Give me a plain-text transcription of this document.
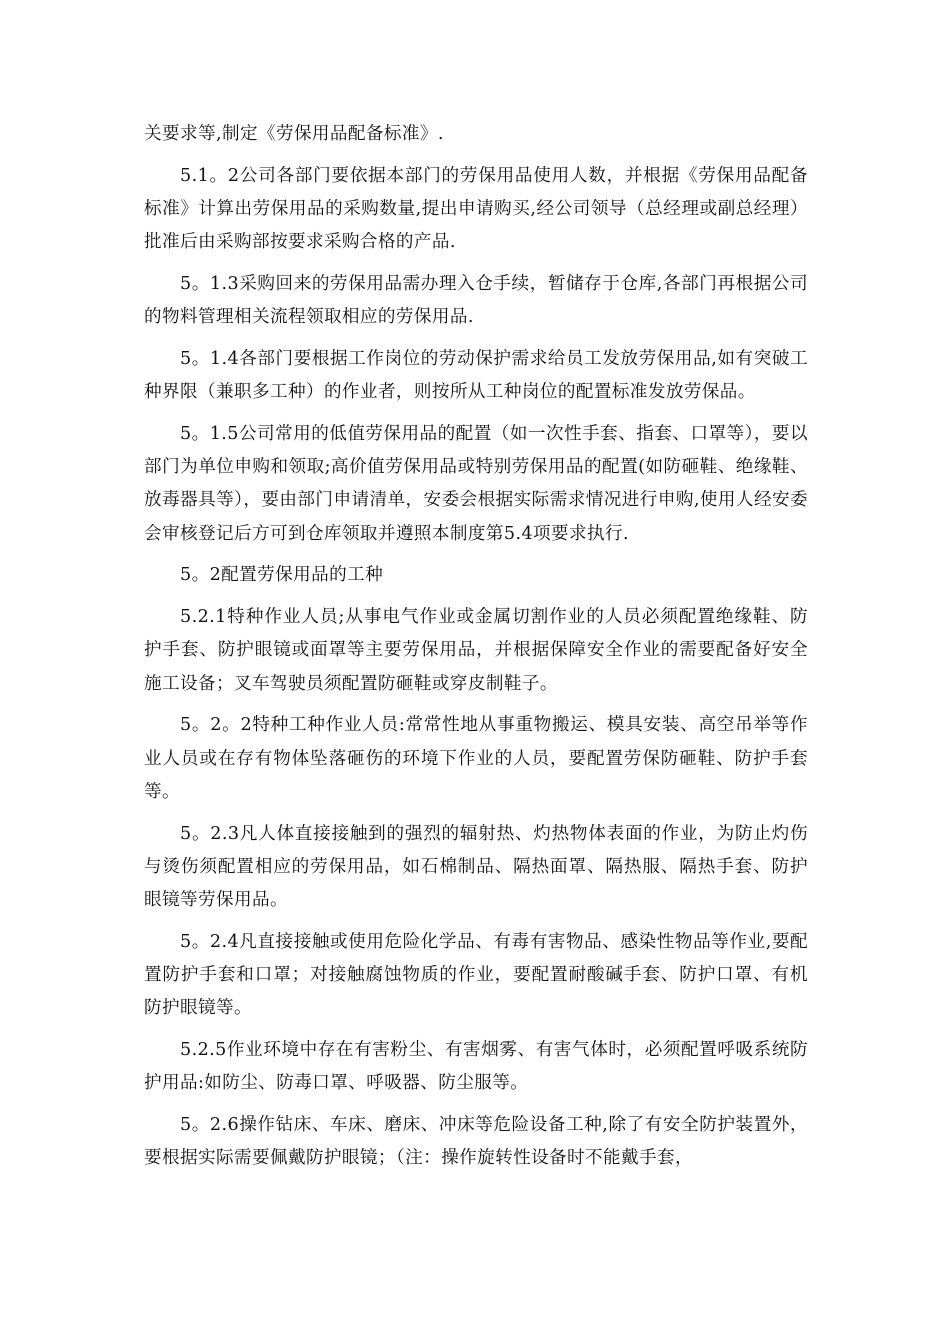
关要求等,制定《劳保用品配备标准》.

5.1。2公司各部门要依据本部门的劳保用品使用人数，并根据《劳保用品配备标准》计算出劳保用品的采购数量,提出申请购买,经公司领导（总经理或副总经理）批准后由采购部按要求采购合格的产品.

5。1.3采购回来的劳保用品需办理入仓手续，暂储存于仓库,各部门再根据公司的物料管理相关流程领取相应的劳保用品.

5。1.4各部门要根据工作岗位的劳动保护需求给员工发放劳保用品,如有突破工种界限（兼职多工种）的作业者，则按所从工种岗位的配置标准发放劳保品。

5。1.5公司常用的低值劳保用品的配置（如一次性手套、指套、口罩等），要以部门为单位申购和领取;高价值劳保用品或特别劳保用品的配置(如防砸鞋、绝缘鞋、放毒器具等），要由部门申请清单，安委会根据实际需求情况进行申购,使用人经安委会审核登记后方可到仓库领取并遵照本制度第5.4项要求执行.

5。2配置劳保用品的工种

5.2.1特种作业人员;从事电气作业或金属切割作业的人员必须配置绝缘鞋、防护手套、防护眼镜或面罩等主要劳保用品，并根据保障安全作业的需要配备好安全施工设备；叉车驾驶员须配置防砸鞋或穿皮制鞋子。

5。2。2特种工种作业人员:常常性地从事重物搬运、模具安装、高空吊举等作业人员或在存有物体坠落砸伤的环境下作业的人员，要配置劳保防砸鞋、防护手套等。

5。2.3凡人体直接接触到的强烈的辐射热、灼热物体表面的作业，为防止灼伤与烫伤须配置相应的劳保用品，如石棉制品、隔热面罩、隔热服、隔热手套、防护眼镜等劳保用品。

5。2.4凡直接接触或使用危险化学品、有毒有害物品、感染性物品等作业,要配置防护手套和口罩；对接触腐蚀物质的作业，要配置耐酸碱手套、防护口罩、有机防护眼镜等。

5.2.5作业环境中存在有害粉尘、有害烟雾、有害气体时，必须配置呼吸系统防护用品:如防尘、防毒口罩、呼吸器、防尘服等。

5。2.6操作钻床、车床、磨床、冲床等危险设备工种,除了有安全防护装置外，要根据实际需要佩戴防护眼镜；（注：操作旋转性设备时不能戴手套，
